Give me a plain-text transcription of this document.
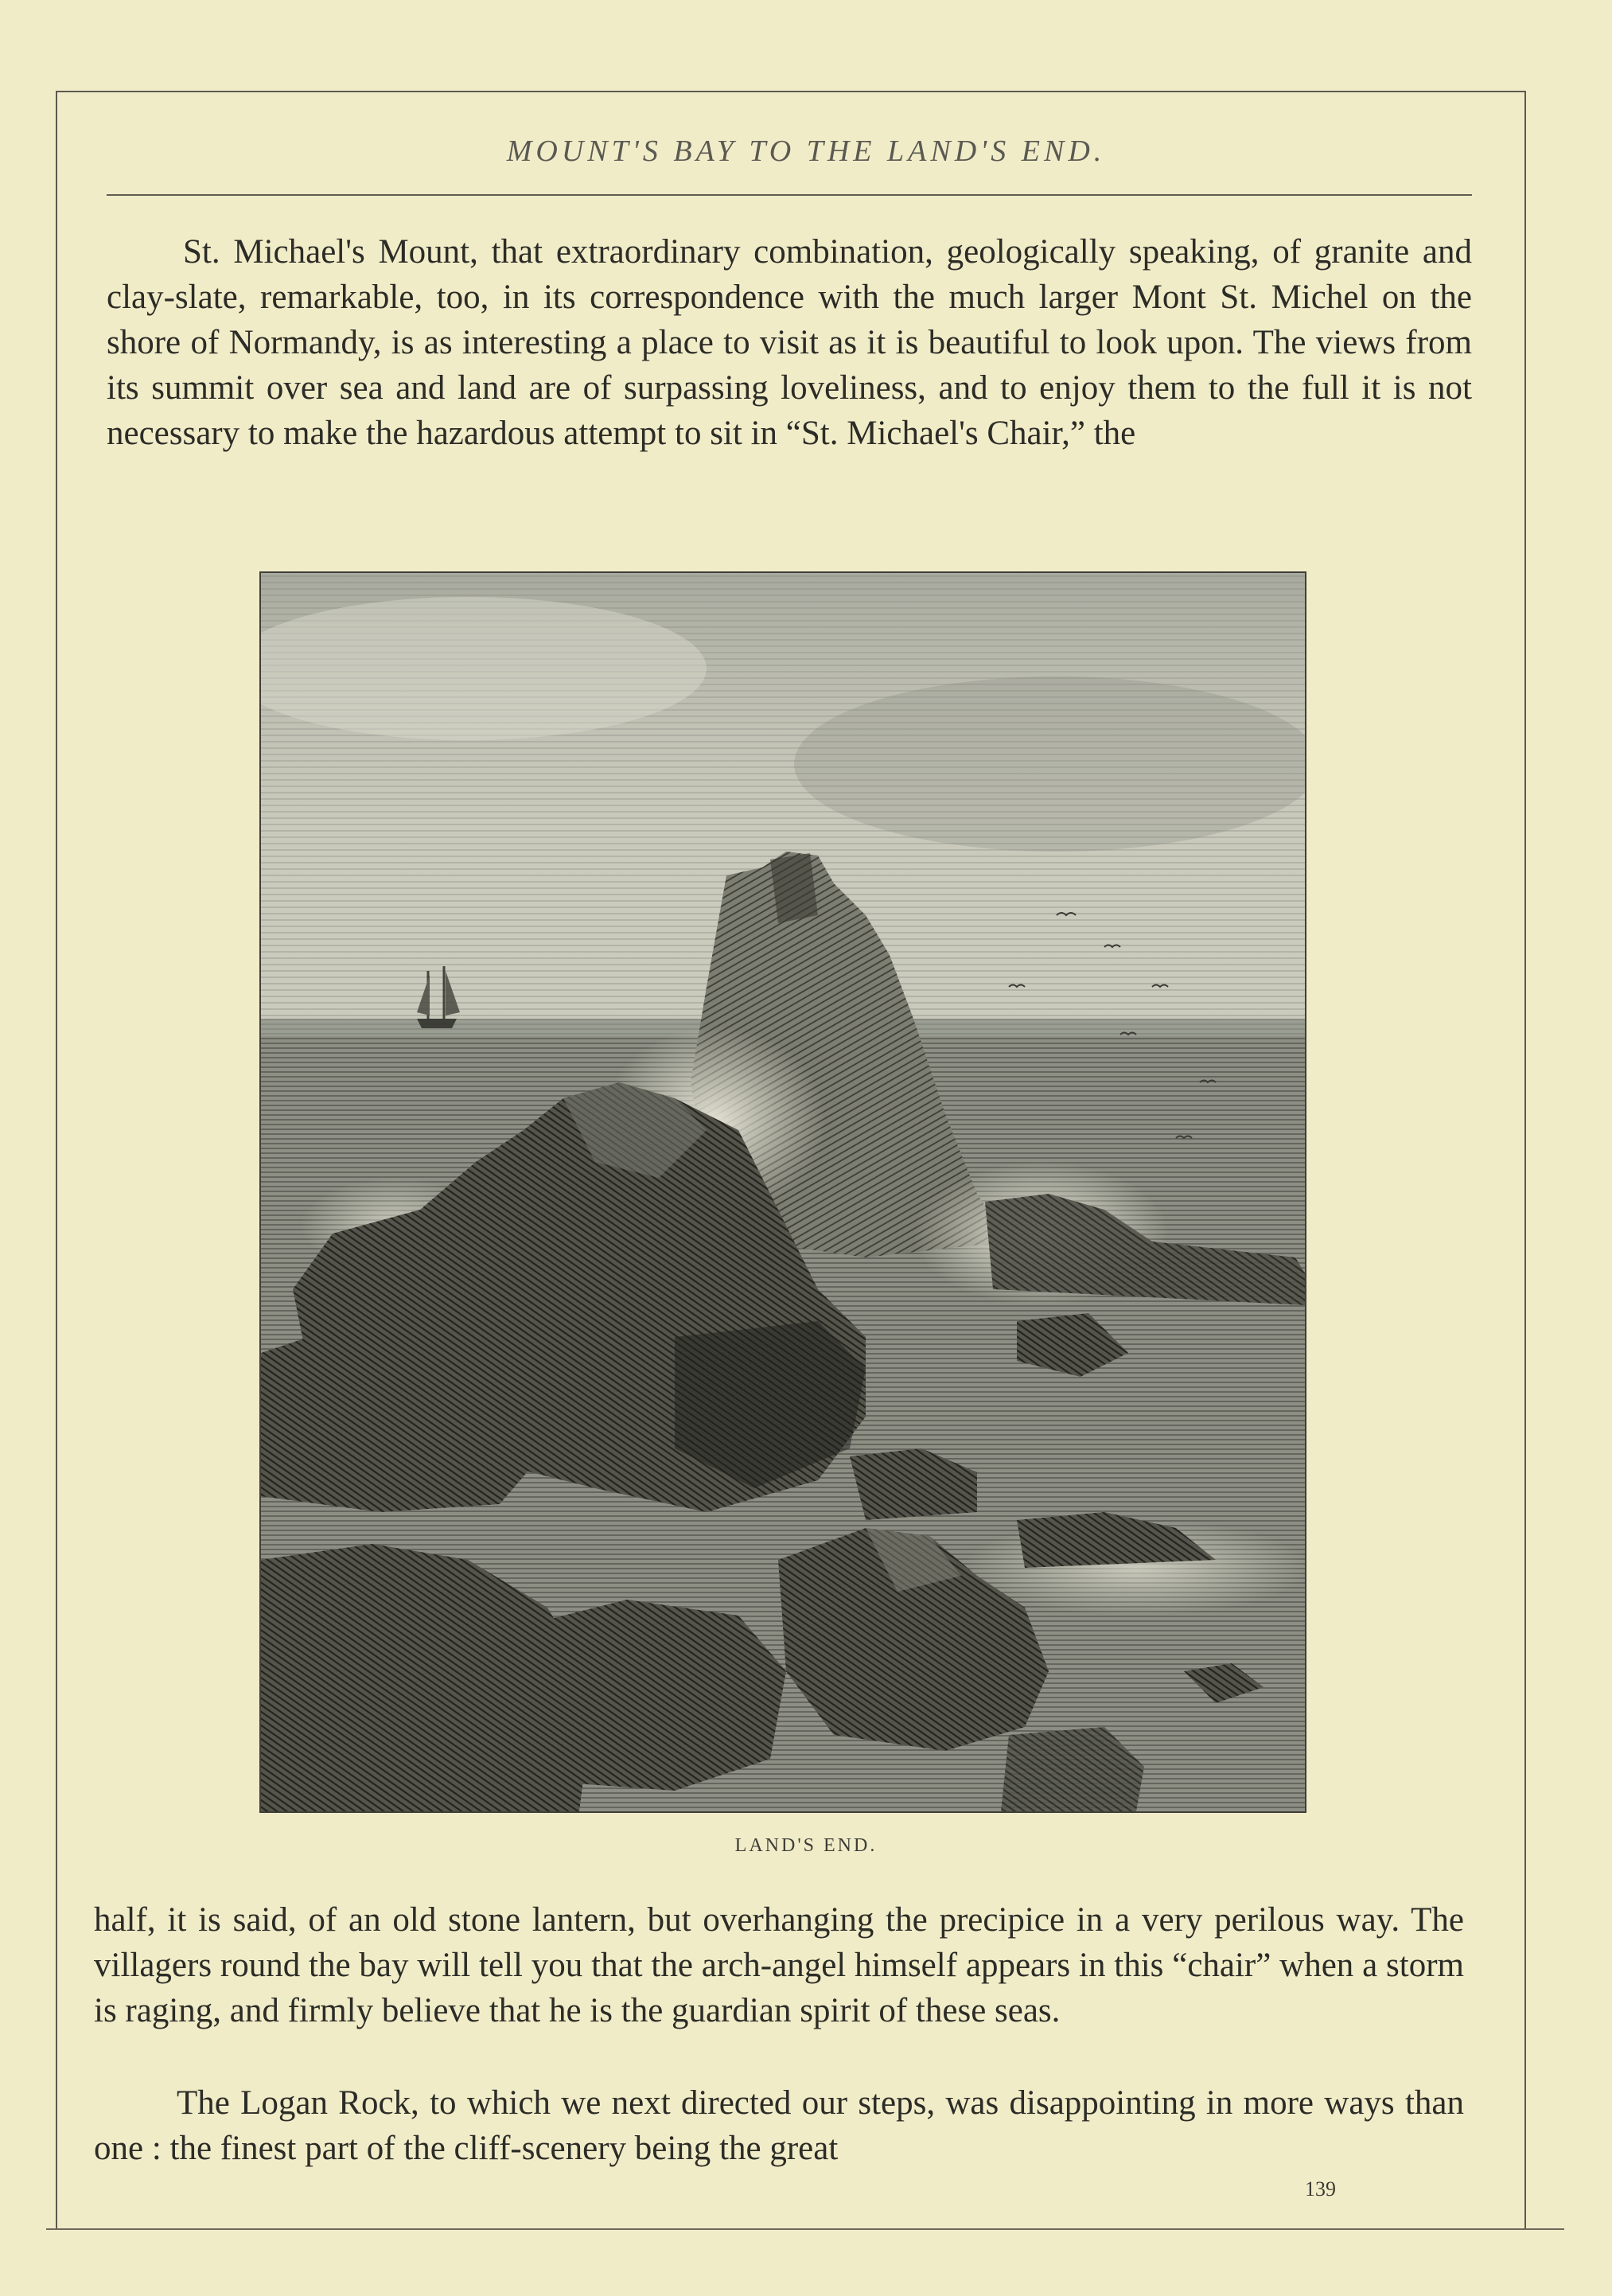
MOUNT'S BAY TO THE LAND'S END.

St. Michael's Mount, that extraordinary combination, geologically speaking, of granite and clay-slate, remarkable, too, in its correspondence with the much larger Mont St. Michel on the shore of Normandy, is as interesting a place to visit as it is beautiful to look upon. The views from its summit over sea and land are of surpassing loveliness, and to enjoy them to the full it is not necessary to make the hazardous attempt to sit in “St. Michael's Chair,” the

LAND'S END.

half, it is said, of an old stone lantern, but overhanging the precipice in a very perilous way. The villagers round the bay will tell you that the arch-angel himself appears in this “chair” when a storm is raging, and firmly believe that he is the guardian spirit of these seas.

The Logan Rock, to which we next directed our steps, was disappointing in more ways than one : the finest part of the cliff-scenery being the great

139
